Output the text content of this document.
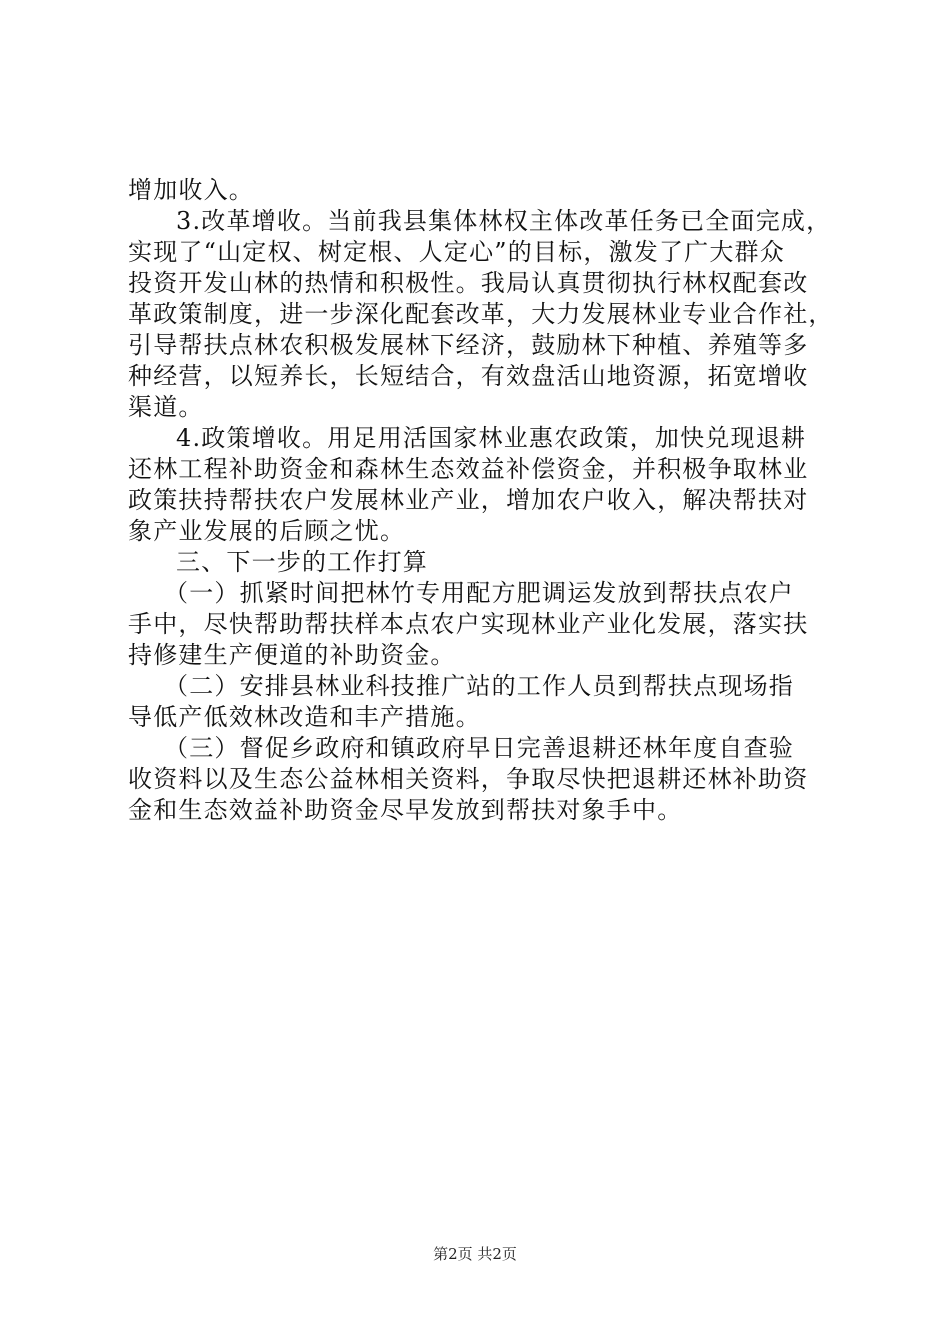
增加收入。
3.改革增收。当前我县集体林权主体改革任务已全面完成，
实现了“山定权、树定根、人定心”的目标，激发了广大群众
投资开发山林的热情和积极性。我局认真贯彻执行林权配套改
革政策制度，进一步深化配套改革，大力发展林业专业合作社，
引导帮扶点林农积极发展林下经济，鼓励林下种植、养殖等多
种经营，以短养长，长短结合，有效盘活山地资源，拓宽增收
渠道。
4.政策增收。用足用活国家林业惠农政策，加快兑现退耕
还林工程补助资金和森林生态效益补偿资金，并积极争取林业
政策扶持帮扶农户发展林业产业，增加农户收入，解决帮扶对
象产业发展的后顾之忧。
三、下一步的工作打算
（一）抓紧时间把林竹专用配方肥调运发放到帮扶点农户
手中，尽快帮助帮扶样本点农户实现林业产业化发展，落实扶
持修建生产便道的补助资金。
（二）安排县林业科技推广站的工作人员到帮扶点现场指
导低产低效林改造和丰产措施。
（三）督促乡政府和镇政府早日完善退耕还林年度自查验
收资料以及生态公益林相关资料，争取尽快把退耕还林补助资
金和生态效益补助资金尽早发放到帮扶对象手中。
第2页 共2页
